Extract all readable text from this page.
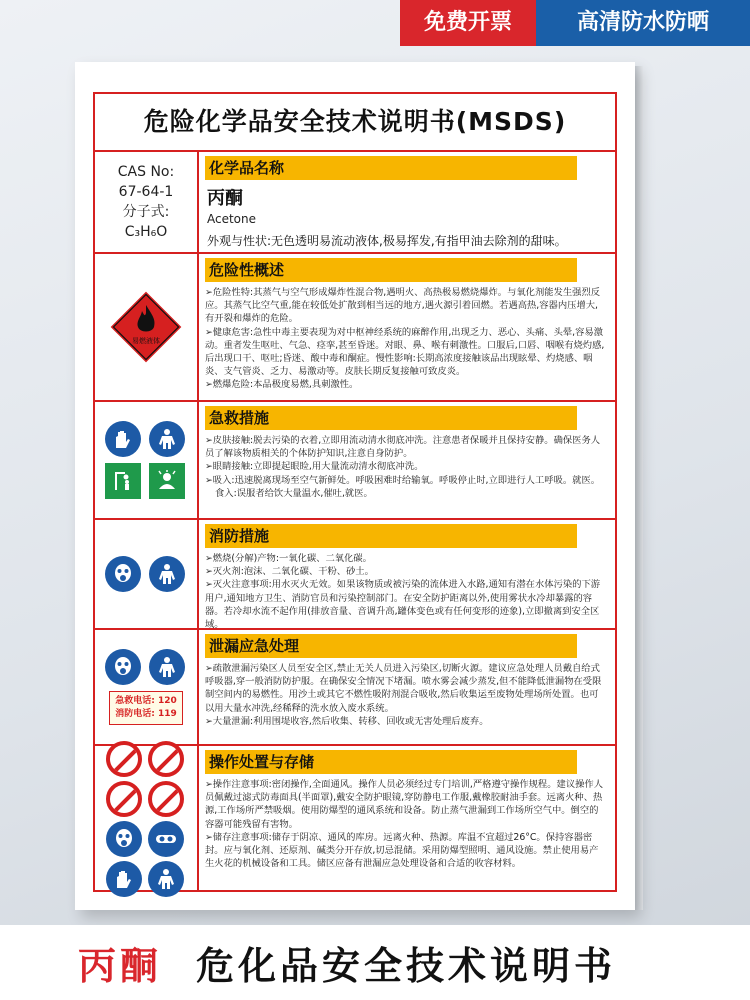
免费开票	高清防水防晒
危险化学品安全技术说明书(MSDS)
CAS No:
67-64-1
分子式:
C₃H₆O
化学品名称
丙酮
Acetone
外观与性状:无色透明易流动液体,极易挥发,有指甲油去除剂的甜味。
易燃液体
危险性概述

➢危险性特:其蒸气与空气形成爆炸性混合物,遇明火、高热极易燃烧爆炸。与氧化剂能发生强烈反应。其蒸气比空气重,能在较低处扩散到相当远的地方,遇火源引着回燃。若遇高热,容器内压增大,有开裂和爆炸的危险。

➢健康危害:急性中毒主要表现为对中枢神经系统的麻醉作用,出现乏力、恶心、头痛、头晕,容易激动。重者发生呕吐、气急、痉挛,甚至昏迷。对眼、鼻、喉有刺激性。口服后,口唇、咽喉有烧灼感,后出现口干、呕吐;昏迷、酸中毒和酮症。慢性影响:长期高浓度接触该品出现眩晕、灼烧感、咽炎、支气管炎、乏力、易激动等。皮肤长期反复接触可致皮炎。

➢燃爆危险:本品极度易燃,具刺激性。

急救措施

➢皮肤接触:脱去污染的衣着,立即用流动清水彻底冲洗。注意患者保暖并且保持安静。确保医务人员了解该物质相关的个体防护知识,注意自身防护。

➢眼睛接触:立即提起眼睑,用大量流动清水彻底冲洗。

➢吸入:迅速脱离现场至空气新鲜处。呼吸困难时给输氧。呼吸停止时,立即进行人工呼吸。就医。

食入:误服者给饮大量温水,催吐,就医。

消防措施

➢燃烧(分解)产物:一氧化碳、二氧化碳。

➢灭火剂:泡沫、二氧化碳、干粉、砂土。

➢灭火注意事项:用水灭火无效。如果该物质或被污染的流体进入水路,通知有潜在水体污染的下游用户,通知地方卫生、消防官员和污染控制部门。在安全防护距离以外,使用雾状水冷却暴露的容器。若冷却水流不起作用(排放音量、音调升高,罐体变色或有任何变形的迹象),立即撤离到安全区域。

急救电话: 120
消防电话: 119
泄漏应急处理

➢疏散泄漏污染区人员至安全区,禁止无关人员进入污染区,切断火源。建议应急处理人员戴自给式呼吸器,穿一般消防防护服。在确保安全情况下堵漏。喷水雾会减少蒸发,但不能降低泄漏物在受限制空间内的易燃性。用沙土或其它不燃性吸附剂混合吸收,然后收集运至废物处理场所处置。也可以用大量水冲洗,经稀释的洗水放入废水系统。

➢大量泄漏:利用围堤收容,然后收集、转移、回收或无害处理后废弃。

操作处置与存储

➢操作注意事项:密闭操作,全面通风。操作人员必须经过专门培训,严格遵守操作规程。建议操作人员佩戴过滤式防毒面具(半面罩),戴安全防护眼镜,穿防静电工作服,戴橡胶耐油手套。远离火种、热源,工作场所严禁吸烟。使用防爆型的通风系统和设备。防止蒸气泄漏到工作场所空气中。倒空的容器可能残留有害物。

➢储存注意事项:储存于阴凉、通风的库房。远离火种、热源。库温不宜超过26°C。保持容器密封。应与氧化剂、还原剂、碱类分开存放,切忌混储。采用防爆型照明、通风设施。禁止使用易产生火花的机械设备和工具。储区应备有泄漏应急处理设备和合适的收容材料。

丙酮 危化品安全技术说明书
